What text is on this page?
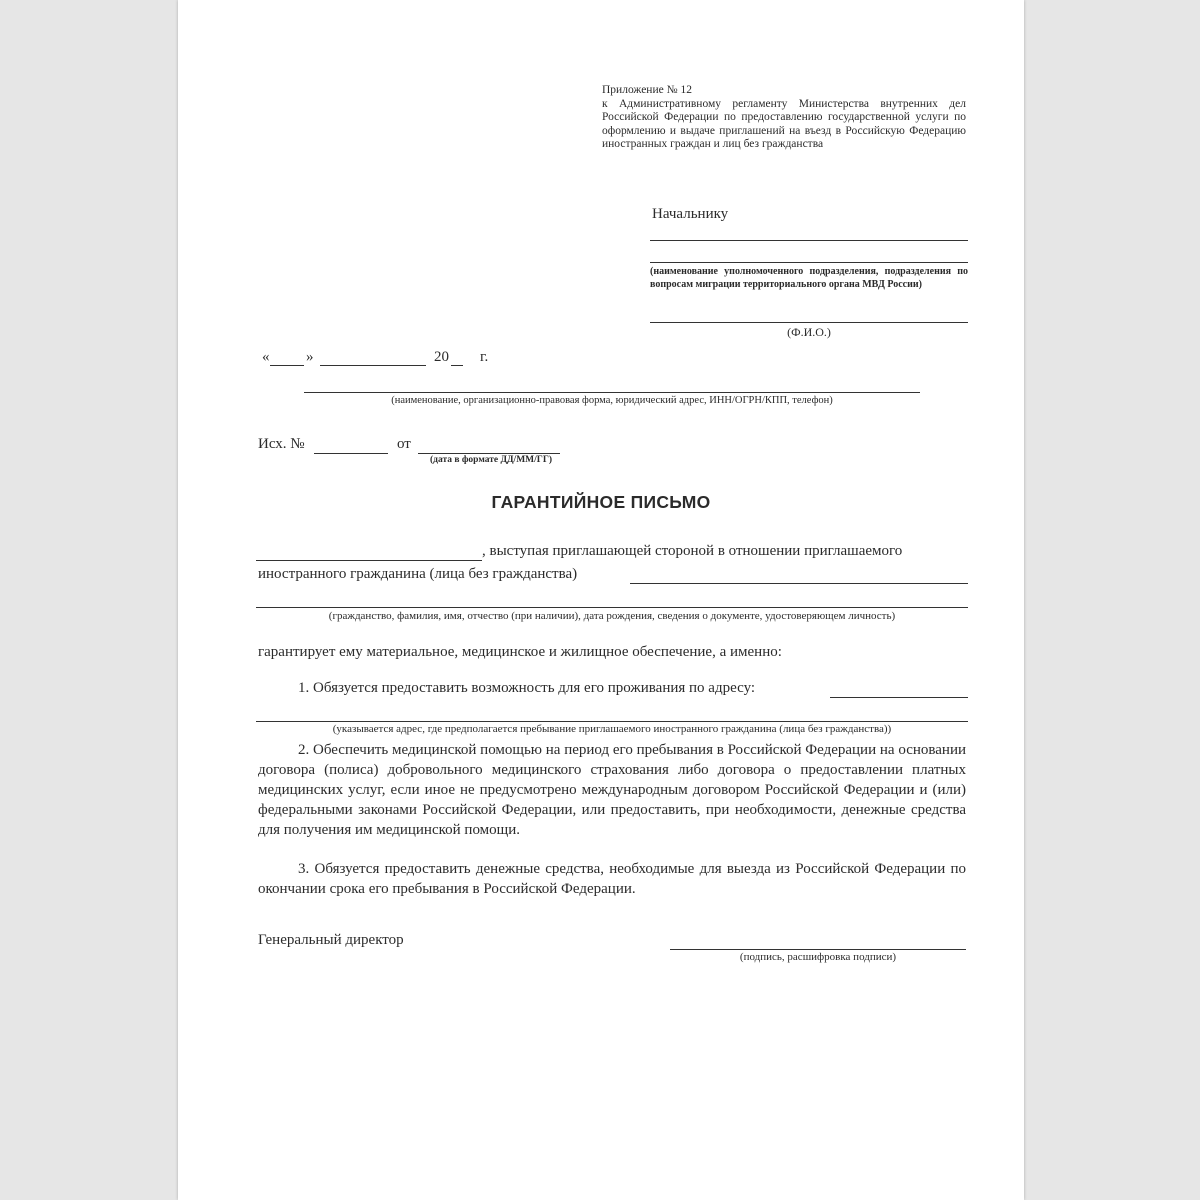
Приложение № 12
к Административному регламенту Министерства внутренних дел Российской Федерации по предоставлению государственной услуги по оформлению и выдаче приглашений на въезд в Российскую Федерацию иностранных граждан и лиц без гражданства
Начальнику
(наименование уполномоченного подразделения, подразделения по вопросам миграции территориального органа МВД России)
(Ф.И.О.)
« »	20 г.
(наименование, организационно-правовая форма, юридический адрес, ИНН/ОГРН/КПП, телефон)
Исх. №	от
(дата в формате ДД/ММ/ГГ)
ГАРАНТИЙНОЕ ПИСЬМО
, выступая приглашающей стороной в отношении приглашаемого
иностранного гражданина (лица без гражданства)
(гражданство, фамилия, имя, отчество (при наличии), дата рождения, сведения о документе, удостоверяющем личность)
гарантирует ему материальное, медицинское и жилищное обеспечение, а именно:
1. Обязуется предоставить возможность для его проживания по адресу:
(указывается адрес, где предполагается пребывание приглашаемого иностранного гражданина (лица без гражданства))
2. Обеспечить медицинской помощью на период его пребывания в Российской Федерации на основании договора (полиса) добровольного медицинского страхования либо договора о предоставлении платных медицинских услуг, если иное не предусмотрено международным договором Российской Федерации и (или) федеральными законами Российской Федерации, или предоставить, при необходимости, денежные средства для получения им медицинской помощи.
3. Обязуется предоставить денежные средства, необходимые для выезда из Российской Федерации по окончании срока его пребывания в Российской Федерации.
Генеральный директор
(подпись, расшифровка подписи)
